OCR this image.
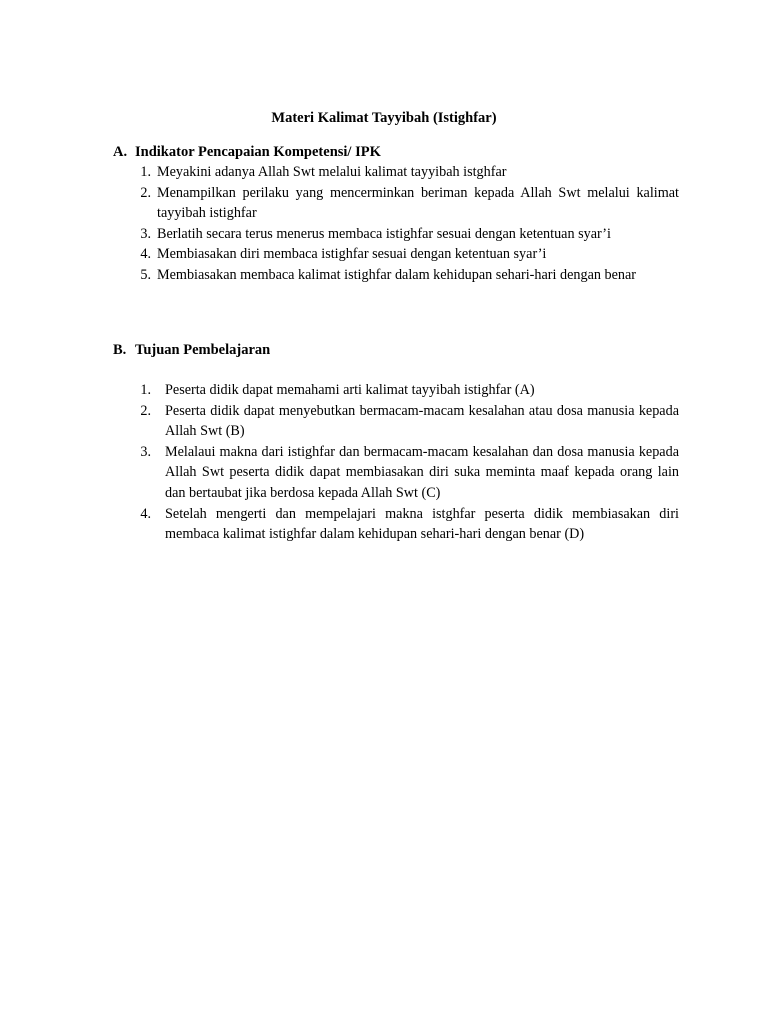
Materi Kalimat Tayyibah (Istighfar)
A. Indikator Pencapaian Kompetensi/ IPK
1. Meyakini adanya Allah Swt melalui kalimat tayyibah istghfar
2. Menampilkan perilaku yang mencerminkan beriman kepada Allah Swt melalui kalimat tayyibah istighfar
3. Berlatih secara terus menerus membaca istighfar sesuai dengan ketentuan syar’i
4. Membiasakan diri membaca istighfar sesuai dengan ketentuan syar’i
5. Membiasakan membaca kalimat istighfar dalam kehidupan sehari-hari dengan benar
B. Tujuan Pembelajaran
1. Peserta didik dapat memahami arti kalimat tayyibah istighfar (A)
2. Peserta didik dapat menyebutkan bermacam-macam kesalahan atau dosa manusia kepada Allah Swt (B)
3. Melalaui makna dari istighfar dan bermacam-macam kesalahan dan dosa manusia kepada Allah Swt peserta didik dapat membiasakan diri suka meminta maaf kepada orang lain dan bertaubat jika berdosa kepada Allah Swt (C)
4. Setelah mengerti dan mempelajari makna istghfar peserta didik membiasakan diri membaca kalimat istighfar dalam kehidupan sehari-hari dengan benar (D)
